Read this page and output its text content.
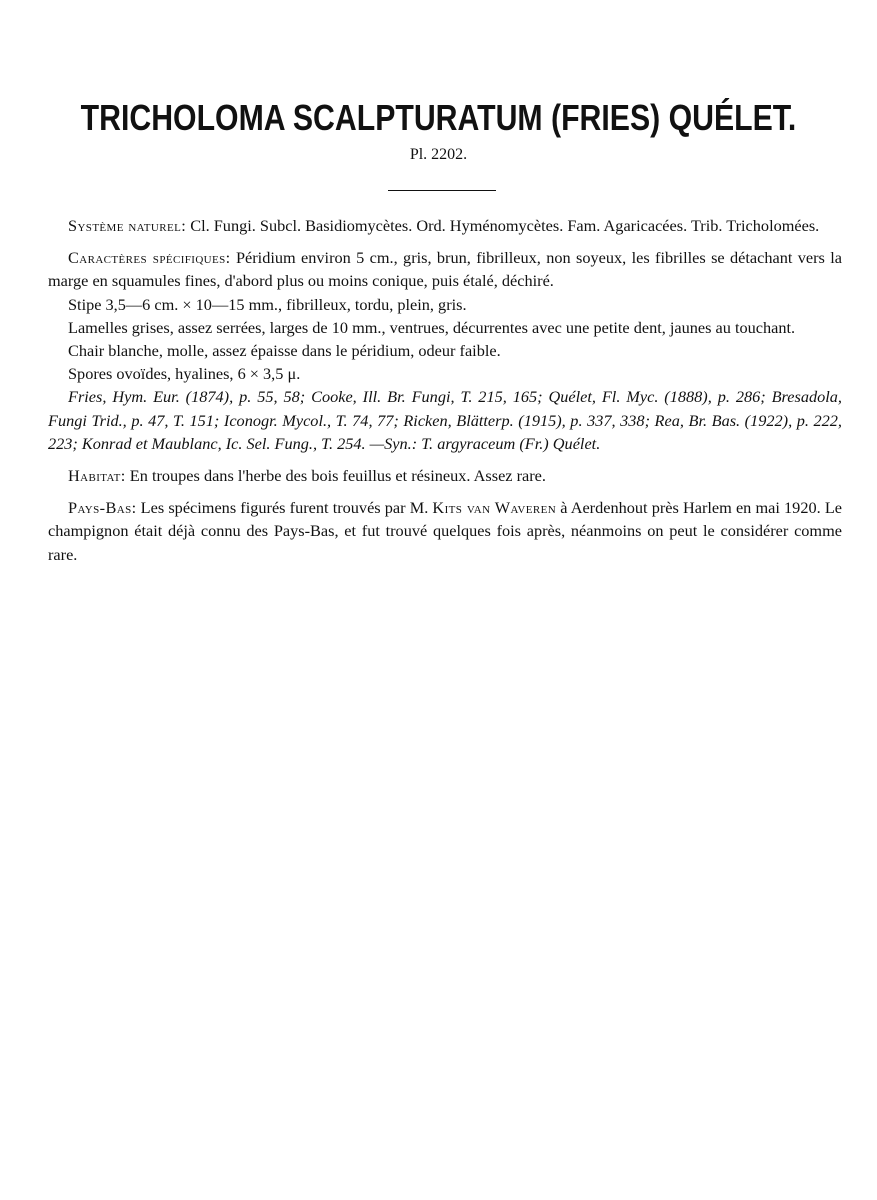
TRICHOLOMA SCALPTURATUM (FRIES) QUÉLET.
Pl. 2202.

Système naturel: Cl. Fungi. Subcl. Basidiomycètes. Ord. Hyménomycètes. Fam. Agaricacées. Trib. Tricholomées.

Caractères spécifiques: Péridium environ 5 cm., gris, brun, fibrilleux, non soyeux, les fibrilles se détachant vers la marge en squamules fines, d'abord plus ou moins conique, puis étalé, déchiré.

Stipe 3,5—6 cm. × 10—15 mm., fibrilleux, tordu, plein, gris.

Lamelles grises, assez serrées, larges de 10 mm., ventrues, décurrentes avec une petite dent, jaunes au touchant.

Chair blanche, molle, assez épaisse dans le péridium, odeur faible.

Spores ovoïdes, hyalines, 6 × 3,5 μ.

Fries, Hym. Eur. (1874), p. 55, 58; Cooke, Ill. Br. Fungi, T. 215, 165; Quélet, Fl. Myc. (1888), p. 286; Bresadola, Fungi Trid., p. 47, T. 151; Iconogr. Mycol., T. 74, 77; Ricken, Blätterp. (1915), p. 337, 338; Rea, Br. Bas. (1922), p. 222, 223; Konrad et Maublanc, Ic. Sel. Fung., T. 254. —Syn.: T. argyraceum (Fr.) Quélet.

Habitat: En troupes dans l'herbe des bois feuillus et résineux. Assez rare.

Pays-Bas: Les spécimens figurés furent trouvés par M. Kits van Waveren à Aerdenhout près Harlem en mai 1920. Le champignon était déjà connu des Pays-Bas, et fut trouvé quelques fois après, néanmoins on peut le considérer comme rare.
